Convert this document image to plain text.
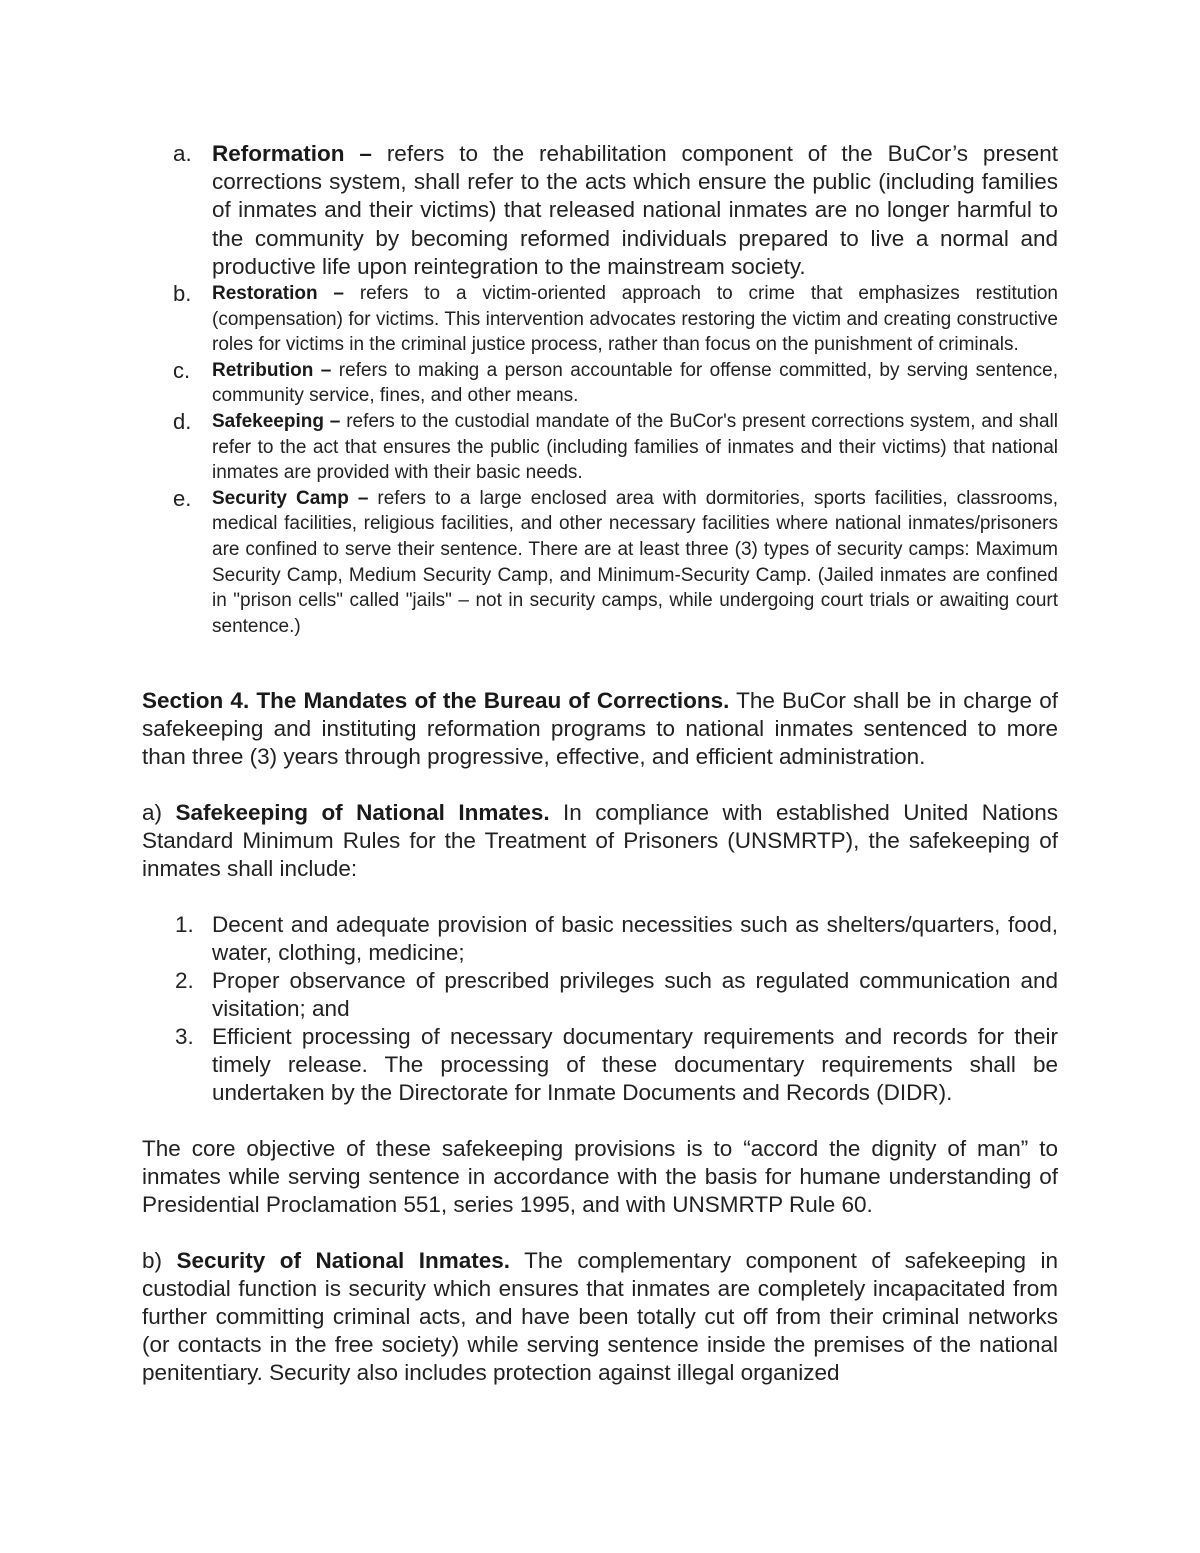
a. Reformation – refers to the rehabilitation component of the BuCor’s present corrections system, shall refer to the acts which ensure the public (including families of inmates and their victims) that released national inmates are no longer harmful to the community by becoming reformed individuals prepared to live a normal and productive life upon reintegration to the mainstream society.
b. Restoration – refers to a victim-oriented approach to crime that emphasizes restitution (compensation) for victims. This intervention advocates restoring the victim and creating constructive roles for victims in the criminal justice process, rather than focus on the punishment of criminals.
c. Retribution – refers to making a person accountable for offense committed, by serving sentence, community service, fines, and other means.
d. Safekeeping – refers to the custodial mandate of the BuCor's present corrections system, and shall refer to the act that ensures the public (including families of inmates and their victims) that national inmates are provided with their basic needs.
e. Security Camp – refers to a large enclosed area with dormitories, sports facilities, classrooms, medical facilities, religious facilities, and other necessary facilities where national inmates/prisoners are confined to serve their sentence. There are at least three (3) types of security camps: Maximum Security Camp, Medium Security Camp, and Minimum-Security Camp. (Jailed inmates are confined in "prison cells" called "jails" – not in security camps, while undergoing court trials or awaiting court sentence.)

Section 4. The Mandates of the Bureau of Corrections. The BuCor shall be in charge of safekeeping and instituting reformation programs to national inmates sentenced to more than three (3) years through progressive, effective, and efficient administration.

a) Safekeeping of National Inmates. In compliance with established United Nations Standard Minimum Rules for the Treatment of Prisoners (UNSMRTP), the safekeeping of inmates shall include:

1. Decent and adequate provision of basic necessities such as shelters/quarters, food, water, clothing, medicine;
2. Proper observance of prescribed privileges such as regulated communication and visitation; and
3. Efficient processing of necessary documentary requirements and records for their timely release. The processing of these documentary requirements shall be undertaken by the Directorate for Inmate Documents and Records (DIDR).

The core objective of these safekeeping provisions is to “accord the dignity of man” to inmates while serving sentence in accordance with the basis for humane understanding of Presidential Proclamation 551, series 1995, and with UNSMRTP Rule 60.

b) Security of National Inmates. The complementary component of safekeeping in custodial function is security which ensures that inmates are completely incapacitated from further committing criminal acts, and have been totally cut off from their criminal networks (or contacts in the free society) while serving sentence inside the premises of the national penitentiary. Security also includes protection against illegal organized
